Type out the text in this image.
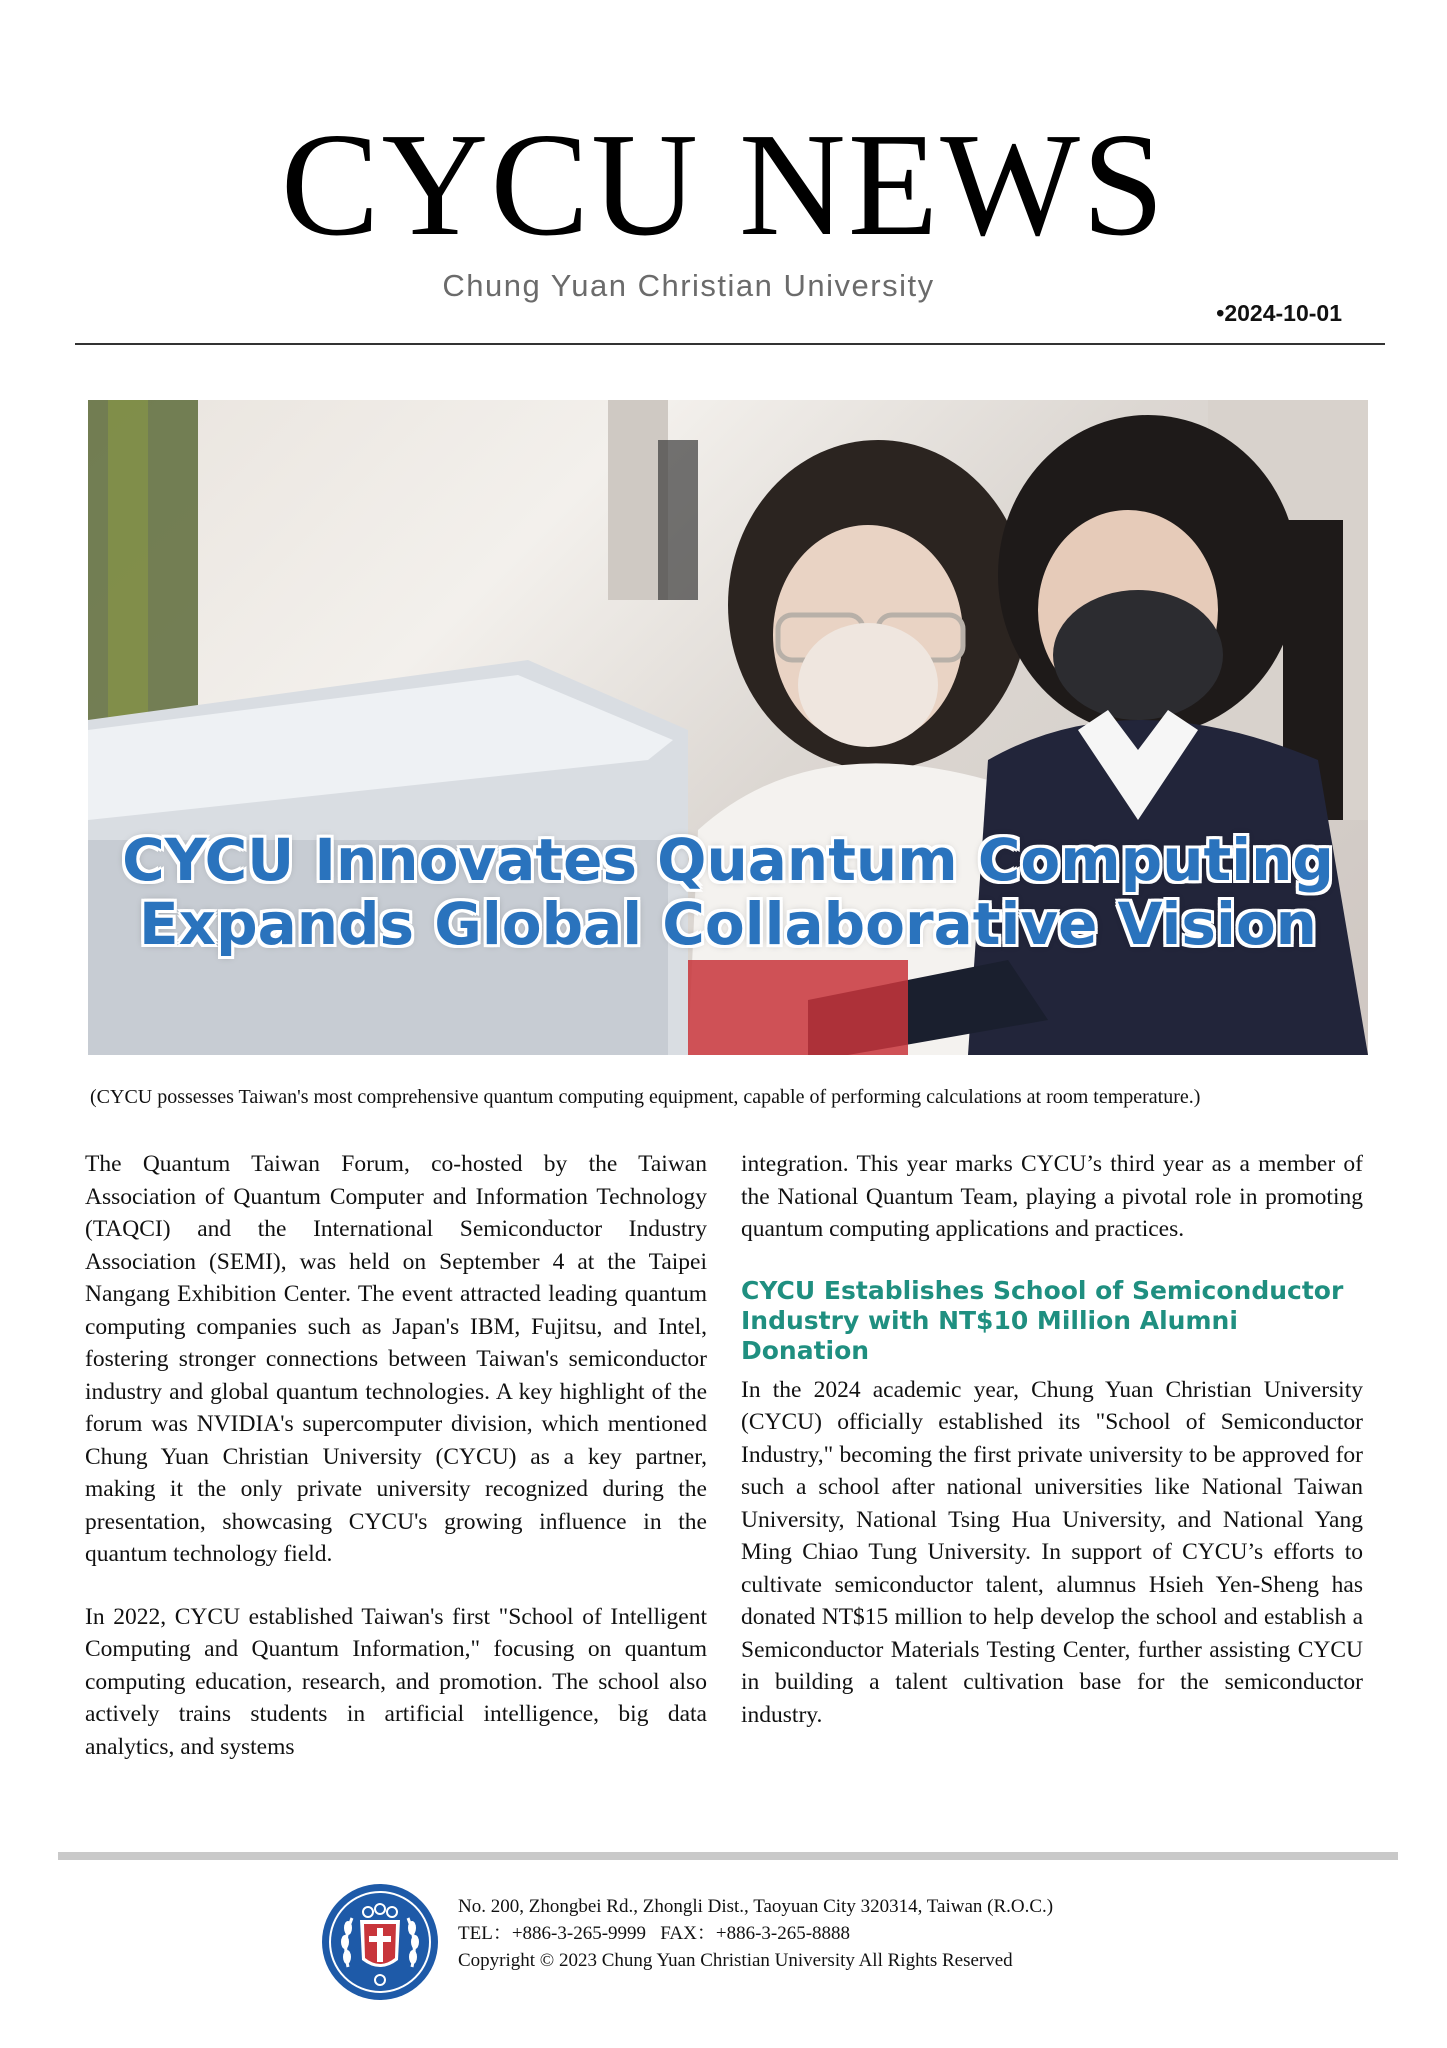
CYCU NEWS
Chung Yuan Christian University
•2024-10-01
CYCU Innovates Quantum Computing
Expands Global Collaborative Vision
(CYCU possesses Taiwan's most comprehensive quantum computing equipment, capable of performing calculations at room temperature.)

The Quantum Taiwan Forum, co-hosted by the Taiwan Association of Quantum Computer and Information Technology (TAQCI) and the International Semiconductor Industry Association (SEMI), was held on September 4 at the Taipei Nangang Exhibition Center. The event attracted leading quantum computing companies such as Japan's IBM, Fujitsu, and Intel, fostering stronger connections between Taiwan's semiconductor industry and global quantum technologies. A key highlight of the forum was NVIDIA's supercomputer division, which mentioned Chung Yuan Christian University (CYCU) as a key partner, making it the only private university recognized during the presentation, showcasing CYCU's growing influence in the quantum technology field.

In 2022, CYCU established Taiwan's first "School of Intelligent Computing and Quantum Information," focusing on quantum computing education, research, and promotion. The school also actively trains students in artificial intelligence, big data analytics, and systems

integration. This year marks CYCU’s third year as a member of the National Quantum Team, playing a pivotal role in promoting quantum computing applications and practices.

CYCU Establishes School of Semiconductor Industry with NT$10 Million Alumni Donation

In the 2024 academic year, Chung Yuan Christian University (CYCU) officially established its "School of Semiconductor Industry," becoming the first private university to be approved for such a school after national universities like National Taiwan University, National Tsing Hua University, and National Yang Ming Chiao Tung University. In support of CYCU’s efforts to cultivate semiconductor talent, alumnus Hsieh Yen-Sheng has donated NT$15 million to help develop the school and establish a Semiconductor Materials Testing Center, further assisting CYCU in building a talent cultivation base for the semiconductor industry.

No. 200, Zhongbei Rd., Zhongli Dist., Taoyuan City 320314, Taiwan (R.O.C.)
TEL：+886-3-265-9999   FAX：+886-3-265-8888
Copyright © 2023 Chung Yuan Christian University All Rights Reserved
